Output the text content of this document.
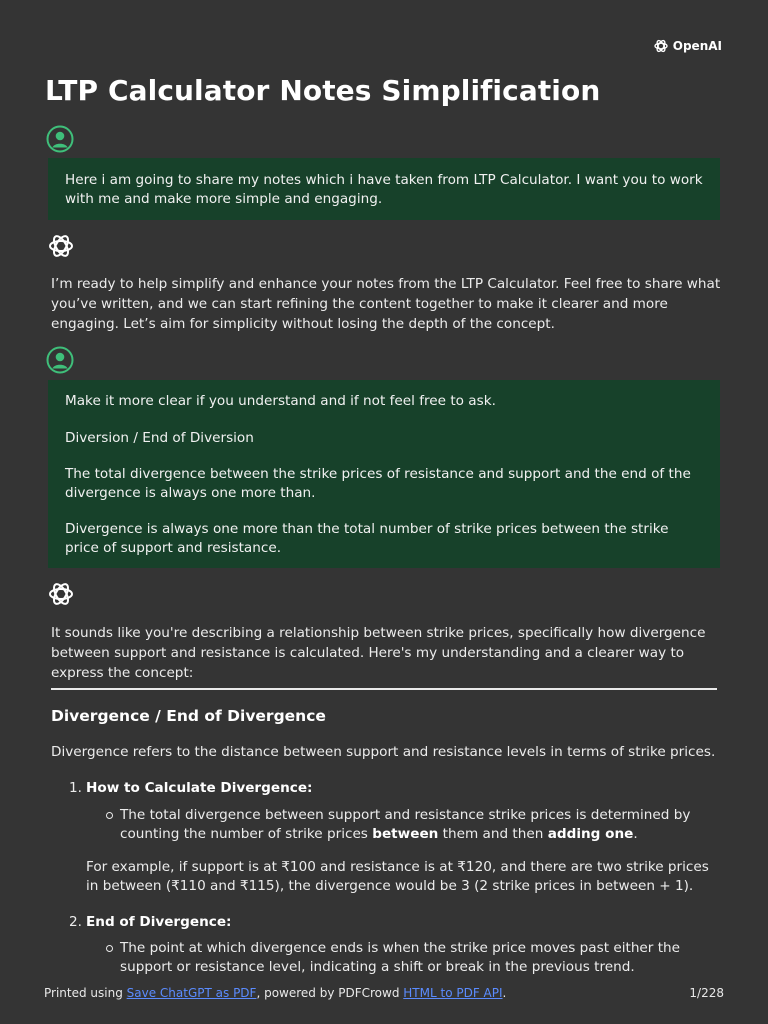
OpenAI
LTP Calculator Notes Simplification

Here i am going to share my notes which i have taken from LTP Calculator. I want you to work with me and make more simple and engaging.

I’m ready to help simplify and enhance your notes from the LTP Calculator. Feel free to share what you’ve written, and we can start refining the content together to make it clearer and more engaging. Let’s aim for simplicity without losing the depth of the concept.

Make it more clear if you understand and if not feel free to ask.

Diversion / End of Diversion

The total divergence between the strike prices of resistance and support and the end of the divergence is always one more than.

Divergence is always one more than the total number of strike prices between the strike price of support and resistance.

It sounds like you're describing a relationship between strike prices, specifically how divergence between support and resistance is calculated. Here's my understanding and a clearer way to express the concept:

Divergence / End of Divergence
Divergence refers to the distance between support and resistance levels in terms of strike prices.
1. How to Calculate Divergence:
The total divergence between support and resistance strike prices is determined by counting the number of strike prices between them and then adding one.
For example, if support is at ₹100 and resistance is at ₹120, and there are two strike prices in between (₹110 and ₹115), the divergence would be 3 (2 strike prices in between + 1).
2. End of Divergence:
The point at which divergence ends is when the strike price moves past either the support or resistance level, indicating a shift or break in the previous trend.
Printed using Save ChatGPT as PDF, powered by PDFCrowd HTML to PDF API.	1/228
